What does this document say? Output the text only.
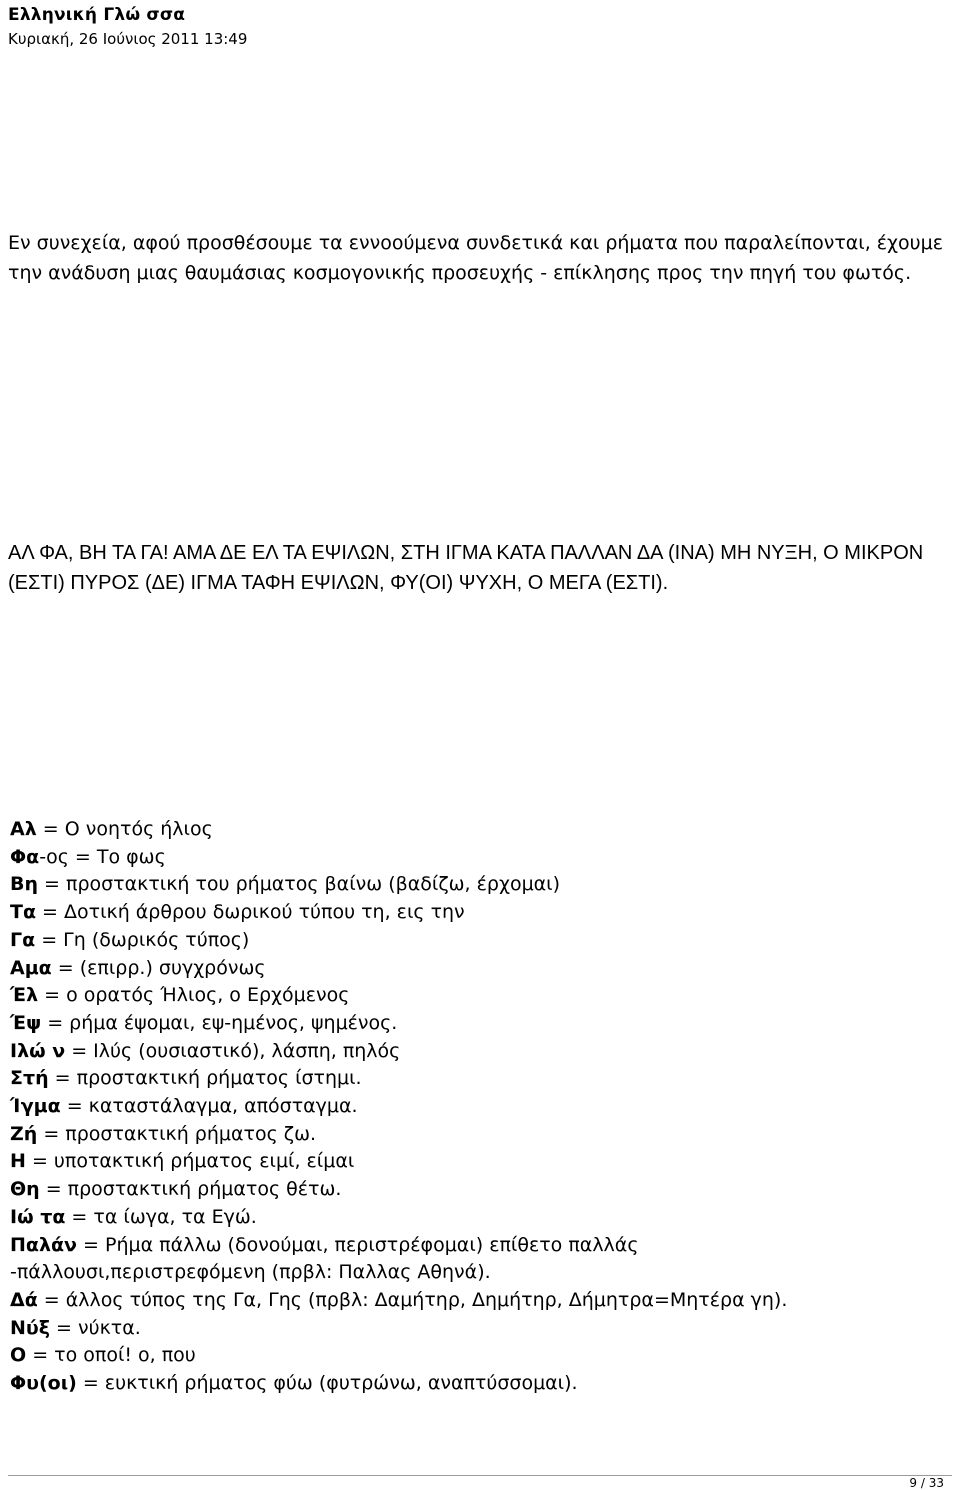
Ελληνική Γλώ σσα
Κυριακή, 26 Ιούνιος 2011 13:49
Εν συνεχεία, αφού προσθέσουμε τα εννοούμενα συνδετικά και ρήματα που παραλείπονται, έχουμε την ανάδυση μιας θαυμάσιας κοσμογονικής προσευχής - επίκλησης προς την πηγή του φωτός.
ΑΛ ΦΑ, ΒΗ ΤΑ ΓΑ! ΑΜΑ ΔΕ ΕΛ ΤΑ ΕΨΙΛΩΝ, ΣΤΗ ΙΓΜΑ ΚΑΤΑ ΠΑΛΛΑΝ ΔΑ (ΙΝΑ) ΜΗ ΝΥΞΗ, Ο ΜΙΚΡΟΝ (ΕΣΤΙ) ΠΥΡΟΣ (ΔΕ) ΙΓΜΑ ΤΑΦΗ ΕΨΙΛΩΝ, ΦΥ(ΟΙ) ΨΥΧΗ, Ο ΜΕΓΑ (ΕΣΤΙ).
Αλ = Ο νοητός ήλιος
Φα-ος = Το φως
Βη = προστακτική του ρήματος βαίνω (βαδίζω, έρχομαι)
Τα = Δοτική άρθρου δωρικού τύπου τη, εις την
Γα = Γη (δωρικός τύπος)
Αμα = (επιρρ.) συγχρόνως
Έλ = ο ορατός Ήλιος, ο Ερχόμενος
Έψ = ρήμα έψομαι, εψ-ημένος, ψημένος.
Ιλώ ν = Ιλύς (ουσιαστικό), λάσπη, πηλός
Στή = προστακτική ρήματος ίστημι.
Ίγμα = καταστάλαγμα, απόσταγμα.
Ζή = προστακτική ρήματος ζω.
Η = υποτακτική ρήματος ειμί, είμαι
Θη = προστακτική ρήματος θέτω.
Ιώ τα = τα ίωγα, τα Εγώ.
Παλάν = Ρήμα πάλλω (δονούμαι, περιστρέφομαι) επίθετο παλλάς
-πάλλουσι,περιστρεφόμενη (πρβλ: Παλλας Αθηνά).
Δά = άλλος τύπος της Γα, Γης (πρβλ: Δαμήτηρ, Δημήτηρ, Δήμητρα=Μητέρα γη).
Νύξ = νύκτα.
Ο = το οποί! ο, που
Φυ(οι) = ευκτική ρήματος φύω (φυτρώνω, αναπτύσσομαι).
9 / 33
